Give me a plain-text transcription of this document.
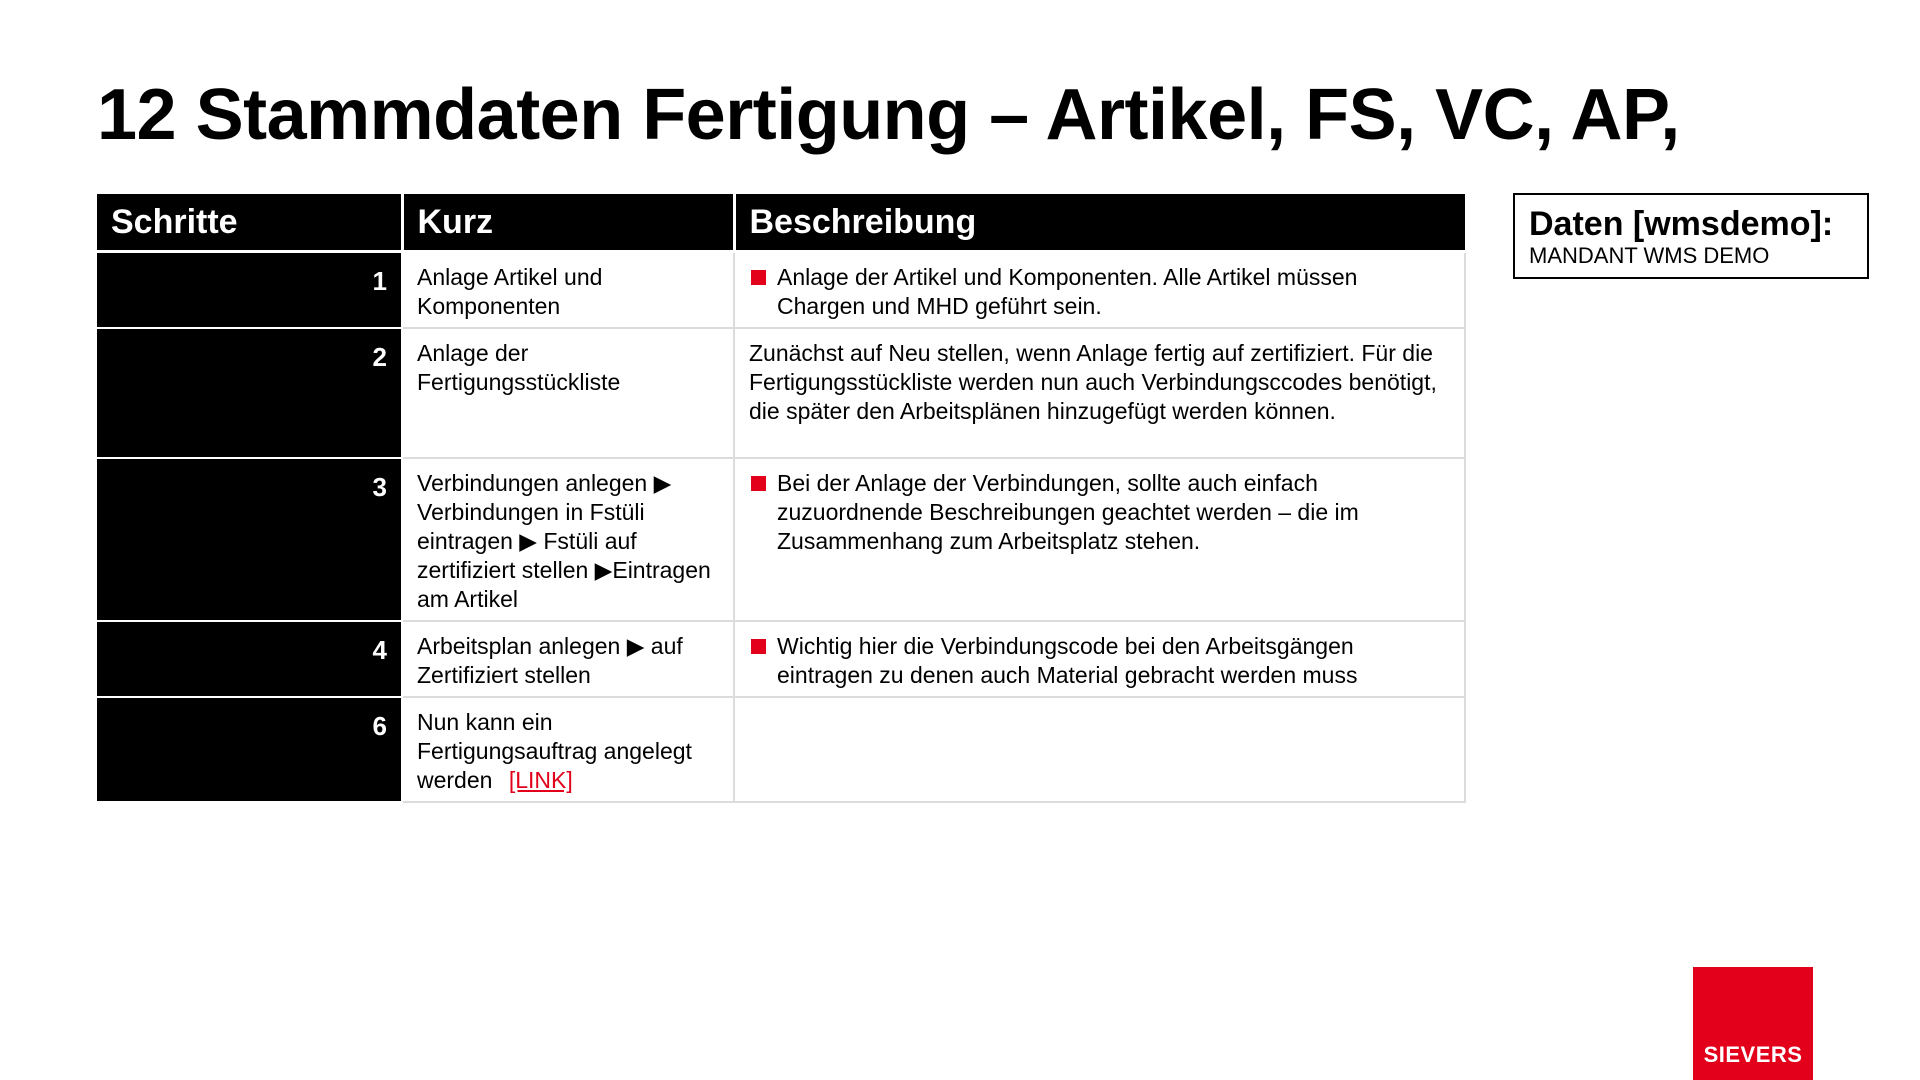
12 Stammdaten Fertigung – Artikel, FS, VC, AP,
Schritte	Kurz	Beschreibung
1	Anlage Artikel und Komponenten	Anlage der Artikel und Komponenten. Alle Artikel müssen Chargen und MHD geführt sein.

2	Anlage der Fertigungsstückliste	Zunächst auf Neu stellen, wenn Anlage fertig auf zertifiziert. Für die Fertigungsstückliste werden nun auch Verbindungsccodes benötigt, die später den Arbeitsplänen hinzugefügt werden können.
3	Verbindungen anlegen ▶ Verbindungen in Fstüli eintragen ▶ Fstüli auf zertifiziert stellen ▶Eintragen am Artikel	Bei der Anlage der Verbindungen, sollte auch einfach zuzuordnende Beschreibungen geachtet werden – die im Zusammenhang zum Arbeitsplatz stehen.

4	Arbeitsplan anlegen ▶ auf Zertifiziert stellen	Wichtig hier die Verbindungscode bei den Arbeitsgängen eintragen zu denen auch Material gebracht werden muss

6	Nun kann ein Fertigungsauftrag angelegt werden [LINK]	
Daten [wmsdemo]:
MANDANT WMS DEMO
SIEVERS
